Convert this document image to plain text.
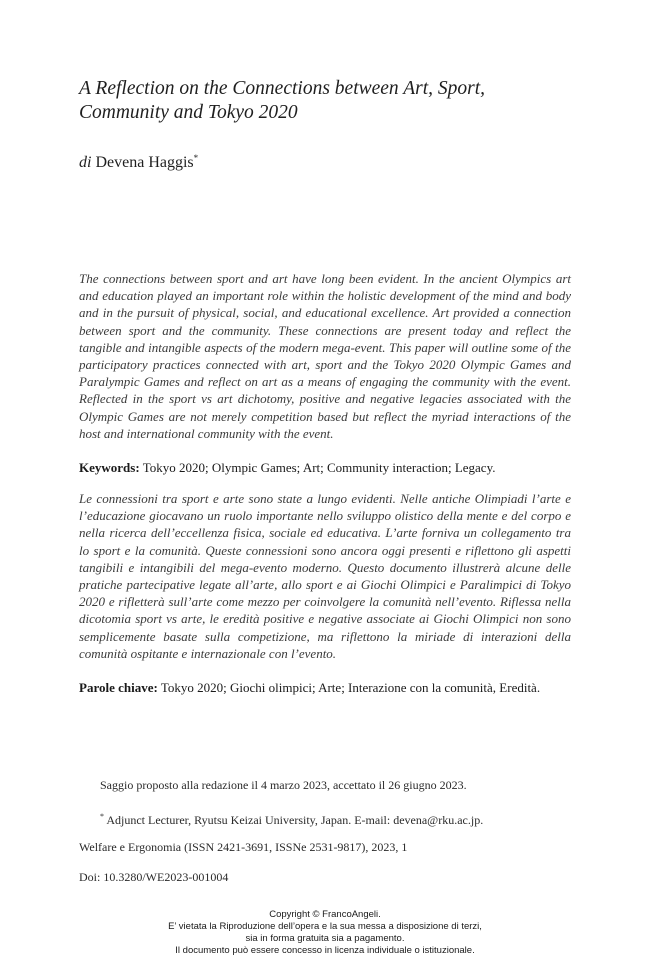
A Reflection on the Connections between Art, Sport, Community and Tokyo 2020
di Devena Haggis*
The connections between sport and art have long been evident. In the ancient Olympics art and education played an important role within the holistic development of the mind and body and in the pursuit of physical, social, and educational excellence. Art provided a connection between sport and the community. These connections are present today and reflect the tangible and intangible aspects of the modern mega-event. This paper will outline some of the participatory practices connected with art, sport and the Tokyo 2020 Olympic Games and Paralympic Games and reflect on art as a means of engaging the community with the event. Reflected in the sport vs art dichotomy, positive and negative legacies associated with the Olympic Games are not merely competition based but reflect the myriad interactions of the host and international community with the event.
Keywords: Tokyo 2020; Olympic Games; Art; Community interaction; Legacy.
Le connessioni tra sport e arte sono state a lungo evidenti. Nelle antiche Olimpiadi l’arte e l’educazione giocavano un ruolo importante nello sviluppo olistico della mente e del corpo e nella ricerca dell’eccellenza fisica, sociale ed educativa. L’arte forniva un collegamento tra lo sport e la comunità. Queste connessioni sono ancora oggi presenti e riflettono gli aspetti tangibili e intangibili del mega-evento moderno. Questo documento illustrerà alcune delle pratiche partecipative legate all’arte, allo sport e ai Giochi Olimpici e Paralimpici di Tokyo 2020 e rifletterà sull’arte come mezzo per coinvolgere la comunità nell’evento. Riflessa nella dicotomia sport vs arte, le eredità positive e negative associate ai Giochi Olimpici non sono semplicemente basate sulla competizione, ma riflettono la miriade di interazioni della comunità ospitante e internazionale con l’evento.
Parole chiave: Tokyo 2020; Giochi olimpici; Arte; Interazione con la comunità, Eredità.
Saggio proposto alla redazione il 4 marzo 2023, accettato il 26 giugno 2023.
* Adjunct Lecturer, Ryutsu Keizai University, Japan. E-mail: devena@rku.ac.jp.
Welfare e Ergonomia (ISSN 2421-3691, ISSNe 2531-9817), 2023, 1
Doi: 10.3280/WE2023-001004
Copyright © FrancoAngeli.
E’ vietata la Riproduzione dell’opera e la sua messa a disposizione di terzi,
sia in forma gratuita sia a pagamento.
Il documento può essere concesso in licenza individuale o istituzionale.
